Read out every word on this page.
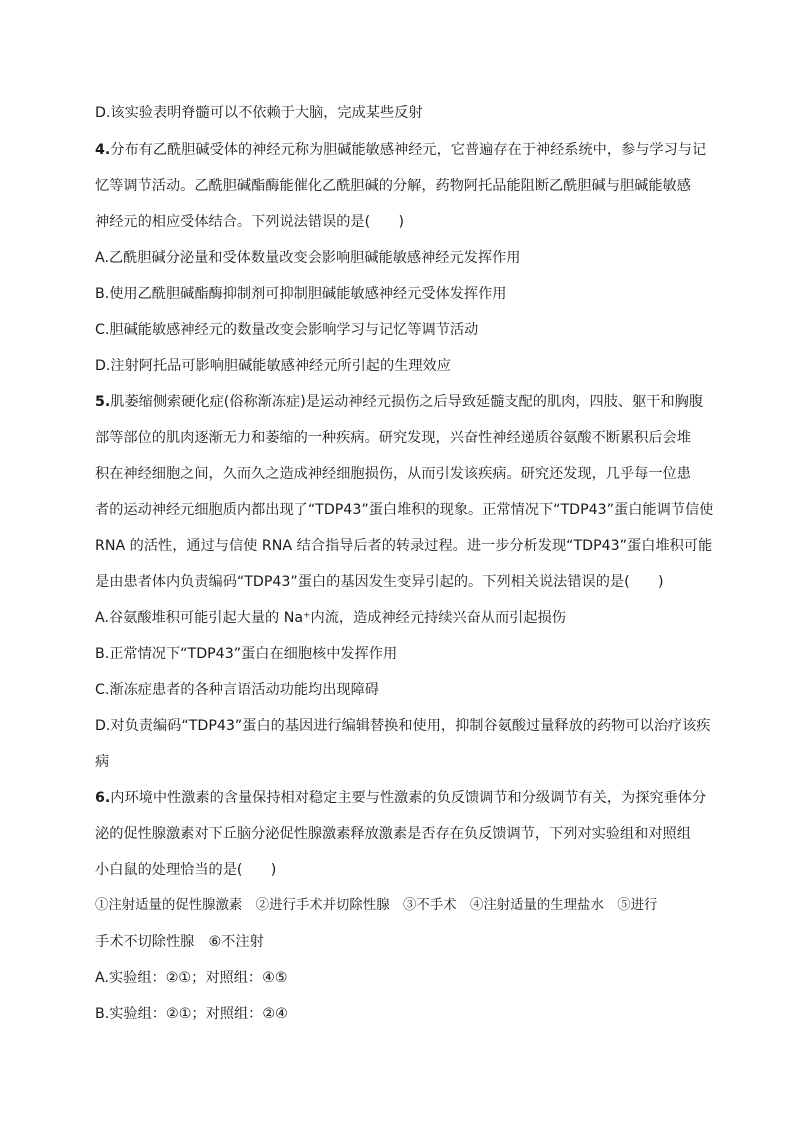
D.该实验表明脊髓可以不依赖于大脑，完成某些反射
4.分布有乙酰胆碱受体的神经元称为胆碱能敏感神经元，它普遍存在于神经系统中，参与学习与记
忆等调节活动。乙酰胆碱酯酶能催化乙酰胆碱的分解，药物阿托品能阻断乙酰胆碱与胆碱能敏感
神经元的相应受体结合。下列说法错误的是(　　)
A.乙酰胆碱分泌量和受体数量改变会影响胆碱能敏感神经元发挥作用
B.使用乙酰胆碱酯酶抑制剂可抑制胆碱能敏感神经元受体发挥作用
C.胆碱能敏感神经元的数量改变会影响学习与记忆等调节活动
D.注射阿托品可影响胆碱能敏感神经元所引起的生理效应
5.肌萎缩侧索硬化症(俗称渐冻症)是运动神经元损伤之后导致延髓支配的肌肉，四肢、躯干和胸腹
部等部位的肌肉逐渐无力和萎缩的一种疾病。研究发现，兴奋性神经递质谷氨酸不断累积后会堆
积在神经细胞之间，久而久之造成神经细胞损伤，从而引发该疾病。研究还发现，几乎每一位患
者的运动神经元细胞质内都出现了“TDP43”蛋白堆积的现象。正常情况下“TDP43”蛋白能调节信使
RNA 的活性，通过与信使 RNA 结合指导后者的转录过程。进一步分析发现“TDP43”蛋白堆积可能
是由患者体内负责编码“TDP43”蛋白的基因发生变异引起的。下列相关说法错误的是(　　)
A.谷氨酸堆积可能引起大量的 Na⁺内流，造成神经元持续兴奋从而引起损伤
B.正常情况下“TDP43”蛋白在细胞核中发挥作用
C.渐冻症患者的各种言语活动功能均出现障碍
D.对负责编码“TDP43”蛋白的基因进行编辑替换和使用，抑制谷氨酸过量释放的药物可以治疗该疾
病
6.内环境中性激素的含量保持相对稳定主要与性激素的负反馈调节和分级调节有关，为探究垂体分
泌的促性腺激素对下丘脑分泌促性腺激素释放激素是否存在负反馈调节，下列对实验组和对照组
小白鼠的处理恰当的是(　　)
①注射适量的促性腺激素　②进行手术并切除性腺　③不手术　④注射适量的生理盐水　⑤进行
手术不切除性腺　⑥不注射
A.实验组：②①；对照组：④⑤
B.实验组：②①；对照组：②④
